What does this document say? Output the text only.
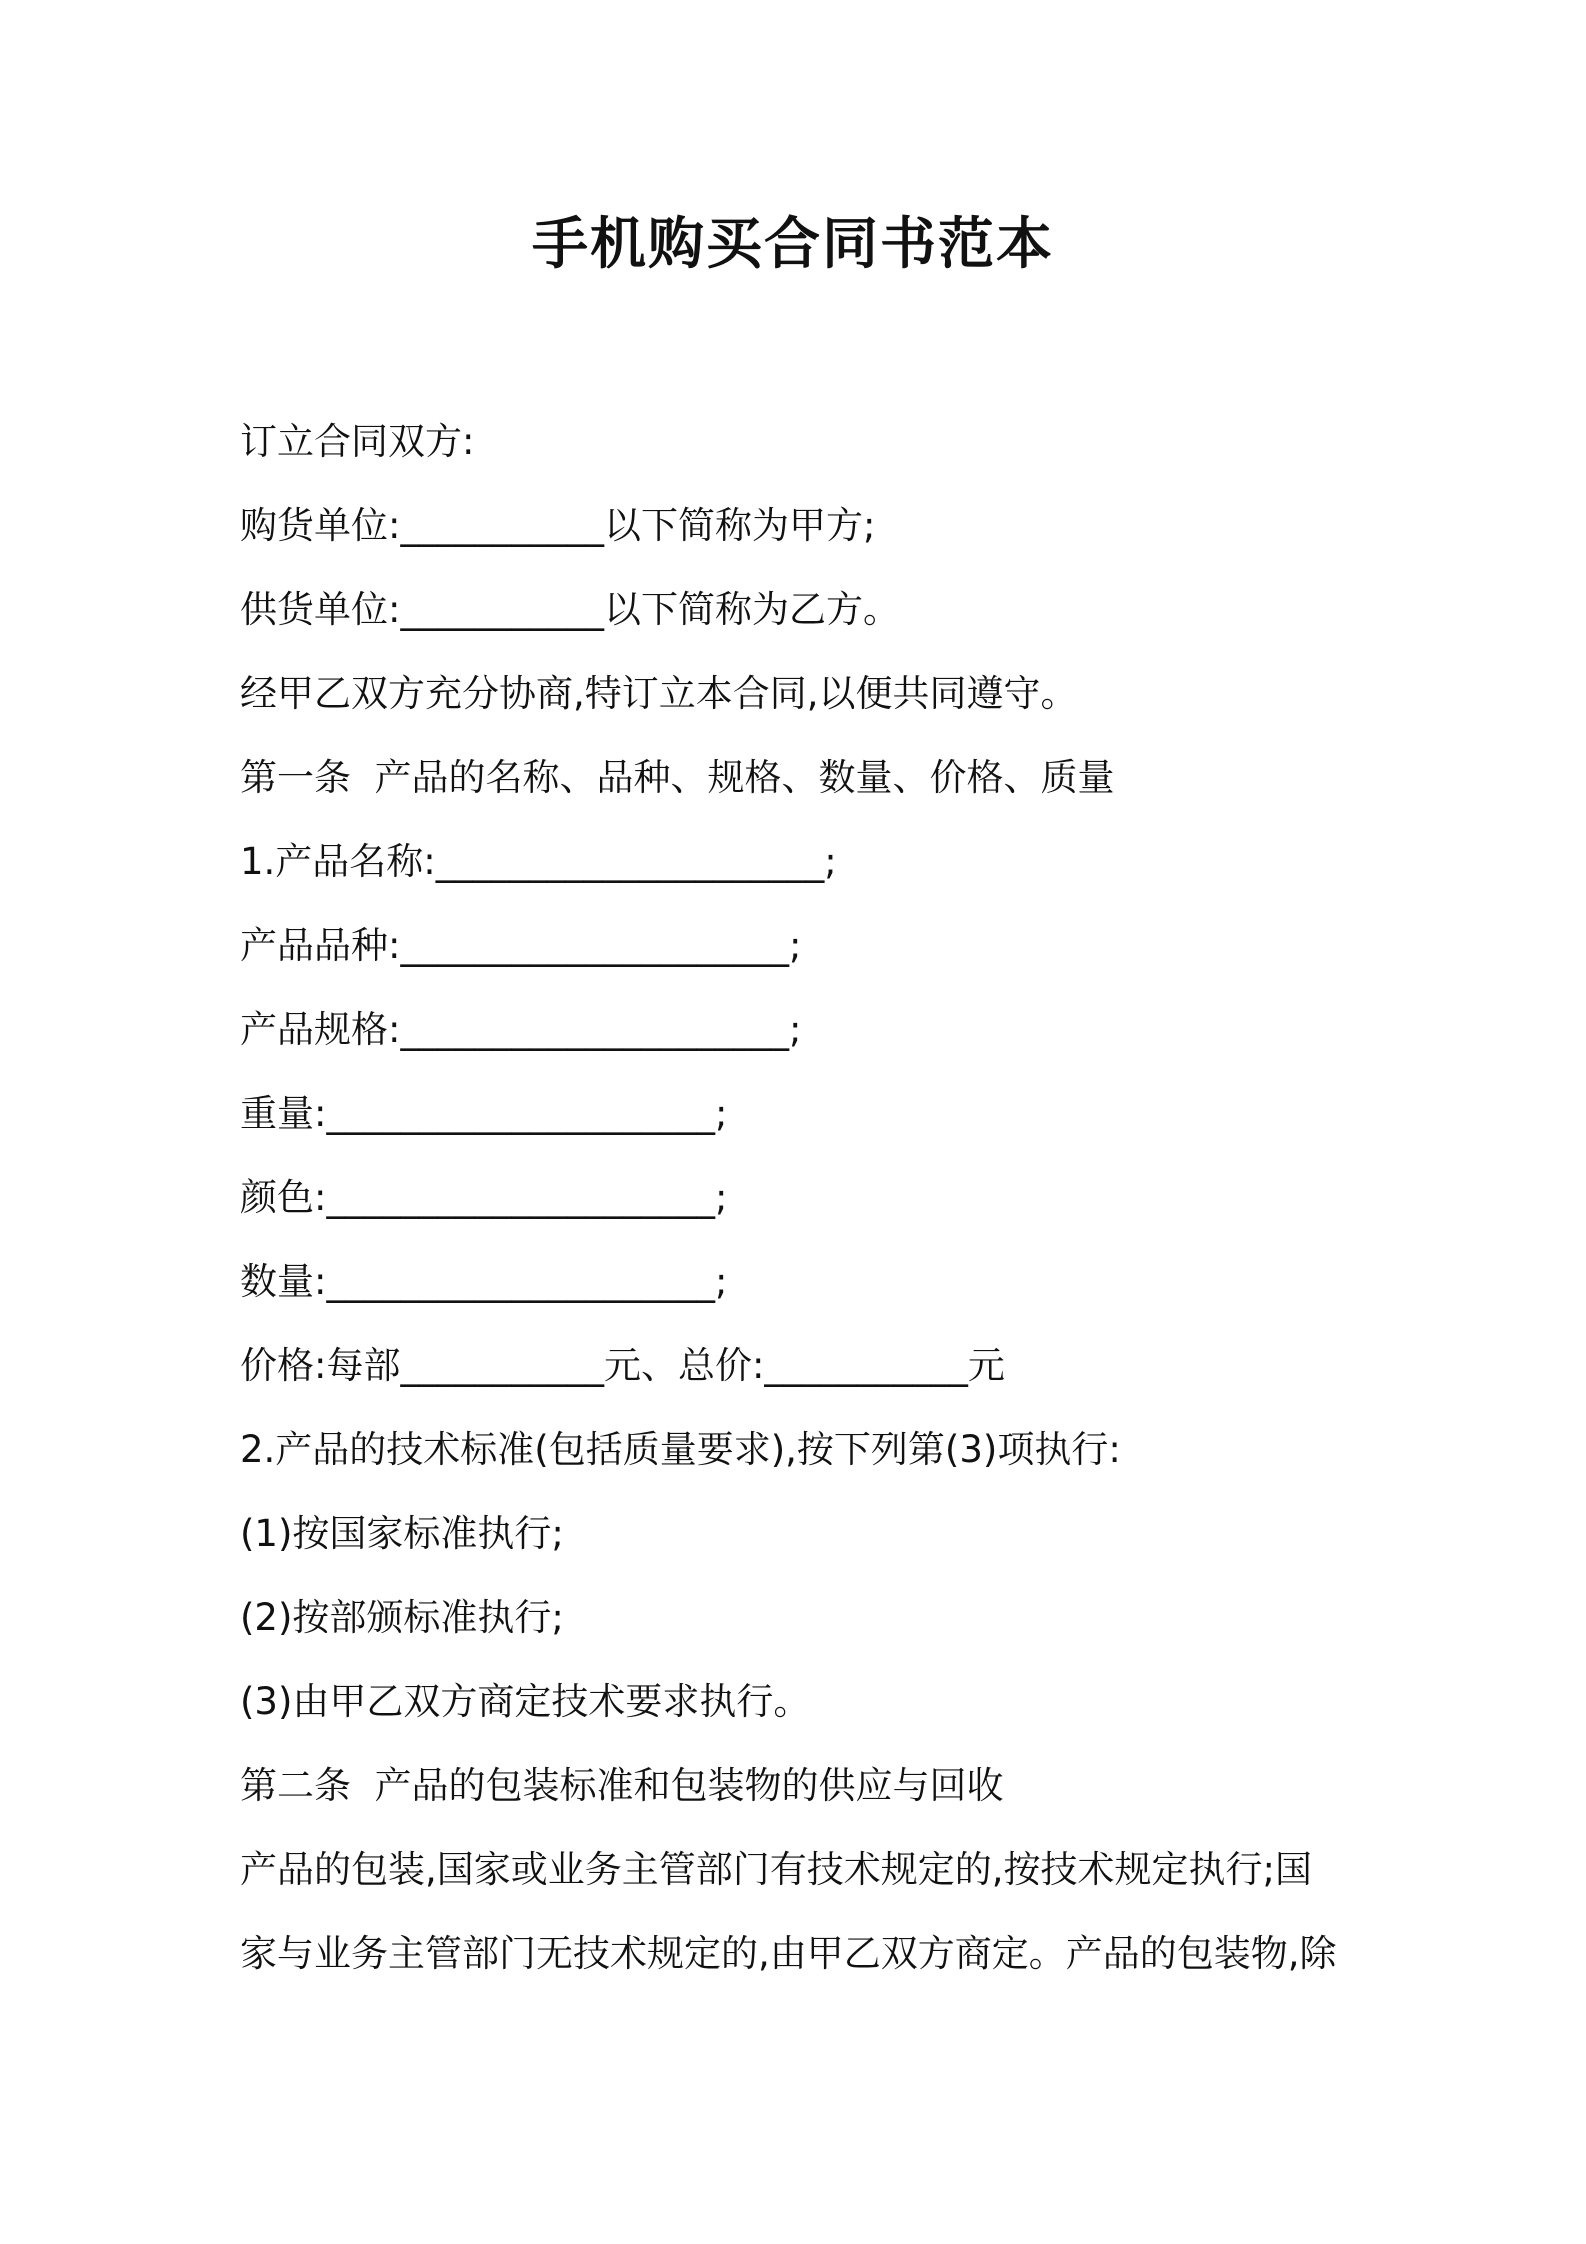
手机购买合同书范本

订立合同双方:

购货单位:___________以下简称为甲方;

供货单位:___________以下简称为乙方。

经甲乙双方充分协商,特订立本合同,以便共同遵守。

第一条  产品的名称、品种、规格、数量、价格、质量

1.产品名称:_____________________;

产品品种:_____________________;

产品规格:_____________________;

重量:_____________________;

颜色:_____________________;

数量:_____________________;

价格:每部___________元、总价:___________元

2.产品的技术标准(包括质量要求),按下列第(3)项执行:

(1)按国家标准执行;

(2)按部颁标准执行;

(3)由甲乙双方商定技术要求执行。

第二条  产品的包装标准和包装物的供应与回收

产品的包装,国家或业务主管部门有技术规定的,按技术规定执行;国

家与业务主管部门无技术规定的,由甲乙双方商定。产品的包装物,除
